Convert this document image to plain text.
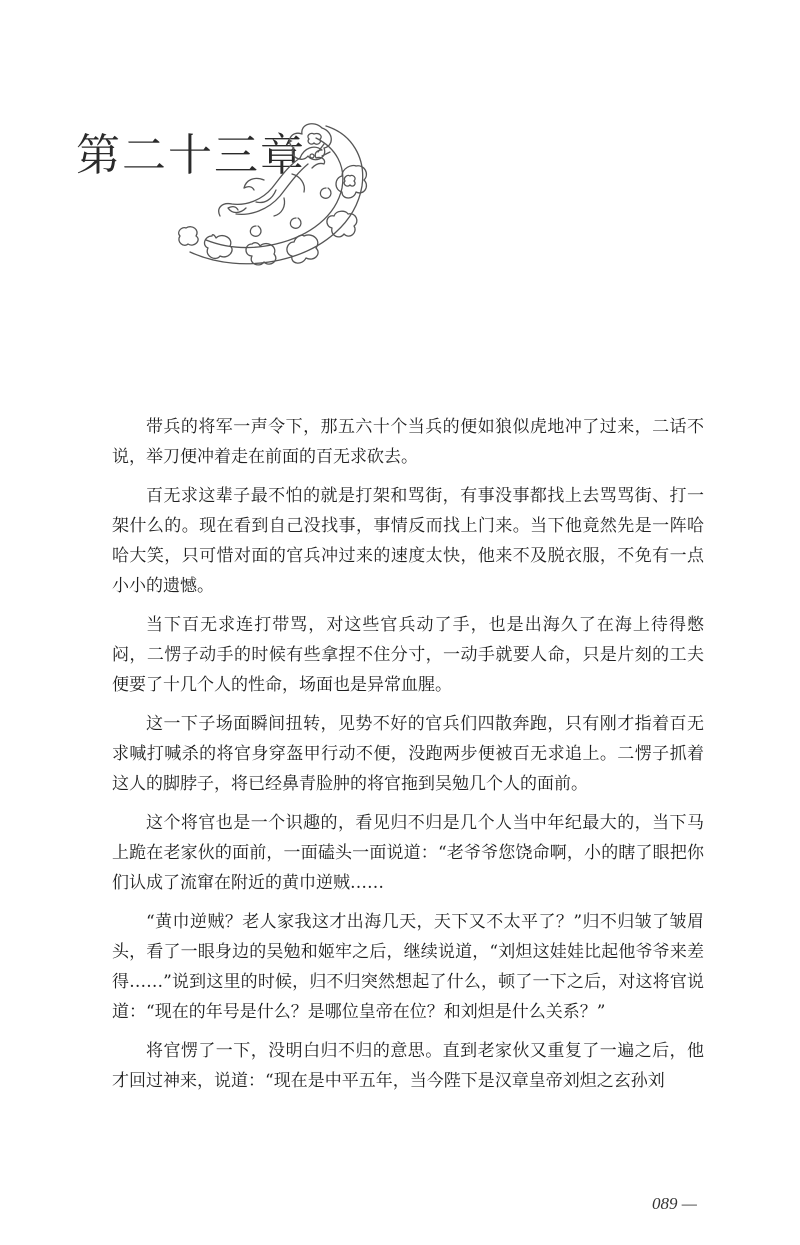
第二十三章

带兵的将军一声令下，那五六十个当兵的便如狼似虎地冲了过来，二话不说，举刀便冲着走在前面的百无求砍去。

百无求这辈子最不怕的就是打架和骂街，有事没事都找上去骂骂街、打一架什么的。现在看到自己没找事，事情反而找上门来。当下他竟然先是一阵哈哈大笑，只可惜对面的官兵冲过来的速度太快，他来不及脱衣服，不免有一点小小的遗憾。

当下百无求连打带骂，对这些官兵动了手，也是出海久了在海上待得憋闷，二愣子动手的时候有些拿捏不住分寸，一动手就要人命，只是片刻的工夫便要了十几个人的性命，场面也是异常血腥。

这一下子场面瞬间扭转，见势不好的官兵们四散奔跑，只有刚才指着百无求喊打喊杀的将官身穿盔甲行动不便，没跑两步便被百无求追上。二愣子抓着这人的脚脖子，将已经鼻青脸肿的将官拖到吴勉几个人的面前。

这个将官也是一个识趣的，看见归不归是几个人当中年纪最大的，当下马上跪在老家伙的面前，一面磕头一面说道：“老爷爷您饶命啊，小的瞎了眼把你们认成了流窜在附近的黄巾逆贼……

“黄巾逆贼？老人家我这才出海几天，天下又不太平了？”归不归皱了皱眉头，看了一眼身边的吴勉和姬牢之后，继续说道，“刘炟这娃娃比起他爷爷来差得……”说到这里的时候，归不归突然想起了什么，顿了一下之后，对这将官说道：“现在的年号是什么？是哪位皇帝在位？和刘炟是什么关系？”

将官愣了一下，没明白归不归的意思。直到老家伙又重复了一遍之后，他才回过神来，说道：“现在是中平五年，当今陛下是汉章皇帝刘炟之玄孙刘

089 —
